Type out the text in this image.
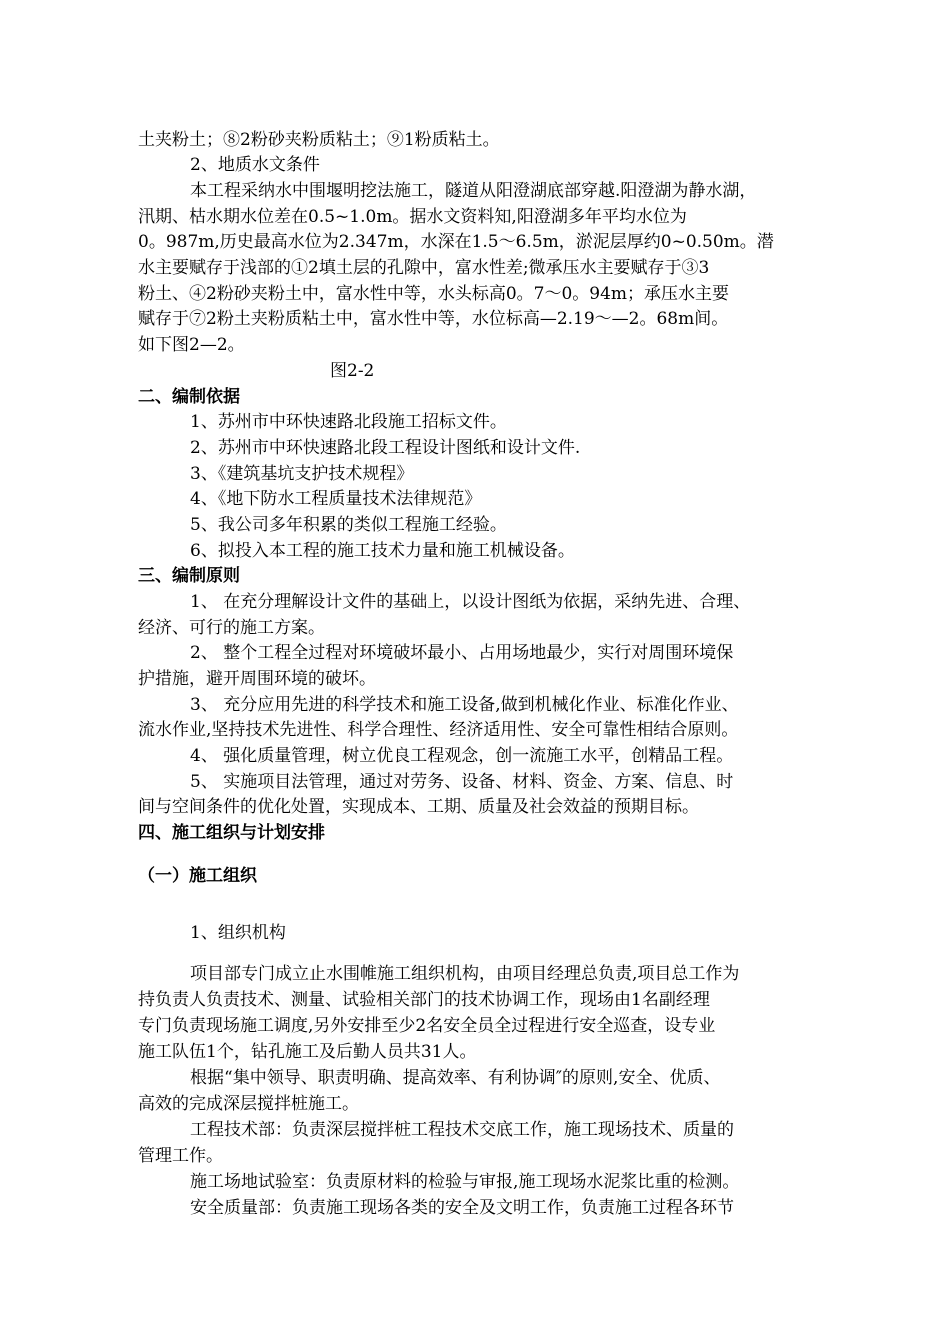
土夹粉土；⑧2粉砂夹粉质粘土；⑨1粉质粘土。
2、地质水文条件
本工程采纳水中围堰明挖法施工，隧道从阳澄湖底部穿越.阳澄湖为静水湖，
汛期、枯水期水位差在0.5~1.0m。据水文资料知,阳澄湖多年平均水位为
0。987m,历史最高水位为2.347m，水深在1.5～6.5m，淤泥层厚约0~0.50m。潜
水主要赋存于浅部的①2填土层的孔隙中，富水性差;微承压水主要赋存于③3
粉土、④2粉砂夹粉土中，富水性中等，水头标高0。7～0。94m；承压水主要
赋存于⑦2粉土夹粉质粘土中，富水性中等，水位标高—2.19～—2。68m间。
如下图2—2。
图2-2
二、编制依据
1、苏州市中环快速路北段施工招标文件。
2、苏州市中环快速路北段工程设计图纸和设计文件.
3、《建筑基坑支护技术规程》
4、《地下防水工程质量技术法律规范》
5、我公司多年积累的类似工程施工经验。
6、拟投入本工程的施工技术力量和施工机械设备。
三、编制原则
1、 在充分理解设计文件的基础上，以设计图纸为依据，采纳先进、合理、
经济、可行的施工方案。
2、 整个工程全过程对环境破坏最小、占用场地最少，实行对周围环境保
护措施，避开周围环境的破坏。
3、 充分应用先进的科学技术和施工设备,做到机械化作业、标准化作业、
流水作业,坚持技术先进性、科学合理性、经济适用性、安全可靠性相结合原则。
4、 强化质量管理，树立优良工程观念，创一流施工水平，创精品工程。
5、 实施项目法管理，通过对劳务、设备、材料、资金、方案、信息、时
间与空间条件的优化处置，实现成本、工期、质量及社会效益的预期目标。
四、施工组织与计划安排
（一）施工组织
1、组织机构
项目部专门成立止水围帷施工组织机构，由项目经理总负责,项目总工作为
持负责人负责技术、测量、试验相关部门的技术协调工作，现场由1名副经理
专门负责现场施工调度,另外安排至少2名安全员全过程进行安全巡查，设专业
施工队伍1个，钻孔施工及后勤人员共31人。
根据“集中领导、职责明确、提高效率、有利协调″的原则,安全、优质、
高效的完成深层搅拌桩施工。
工程技术部：负责深层搅拌桩工程技术交底工作，施工现场技术、质量的
管理工作。
施工场地试验室：负责原材料的检验与审报,施工现场水泥浆比重的检测。
安全质量部：负责施工现场各类的安全及文明工作，负责施工过程各环节
